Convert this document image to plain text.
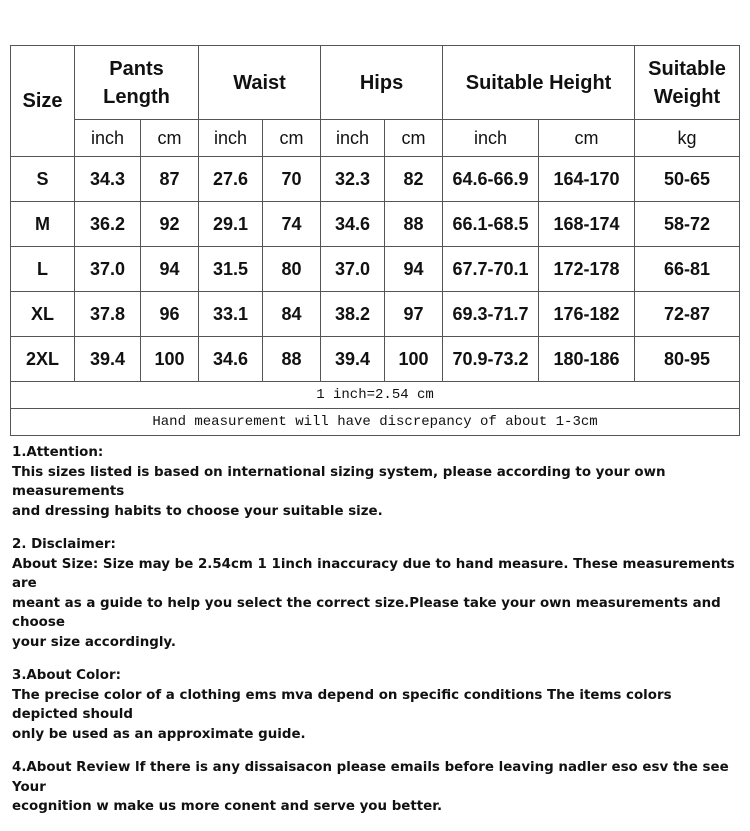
Size	Pants Length		Waist		Hips		Suitable Height		Suitable Weight
	inch	cm	inch	cm	inch	cm	inch	cm	kg
S	34.3	87	27.6	70	32.3	82	64.6-66.9	164-170	50-65
M	36.2	92	29.1	74	34.6	88	66.1-68.5	168-174	58-72
L	37.0	94	31.5	80	37.0	94	67.7-70.1	172-178	66-81
XL	37.8	96	33.1	84	38.2	97	69.3-71.7	176-182	72-87
2XL	39.4	100	34.6	88	39.4	100	70.9-73.2	180-186	80-95
1 inch=2.54 cm									
Hand measurement will have discrepancy of about 1-3cm									
1.Attention:
This sizes listed is based on international sizing system, please according to your own measurements
and dressing habits to choose your suitable size.
2. Disclaimer:
About Size: Size may be 2.54cm 1 1inch inaccuracy due to hand measure. These measurements are
meant as a guide to help you select the correct size.Please take your own measurements and choose
your size accordingly.
3.About Color:
The precise color of a clothing ems mva depend on specific conditions The items colors depicted should
only be used as an approximate guide.
4.About Review lf there is any dissaisacon please emails before leaving nadler eso esv the see Your
ecognition w make us more conent and serve you better.
